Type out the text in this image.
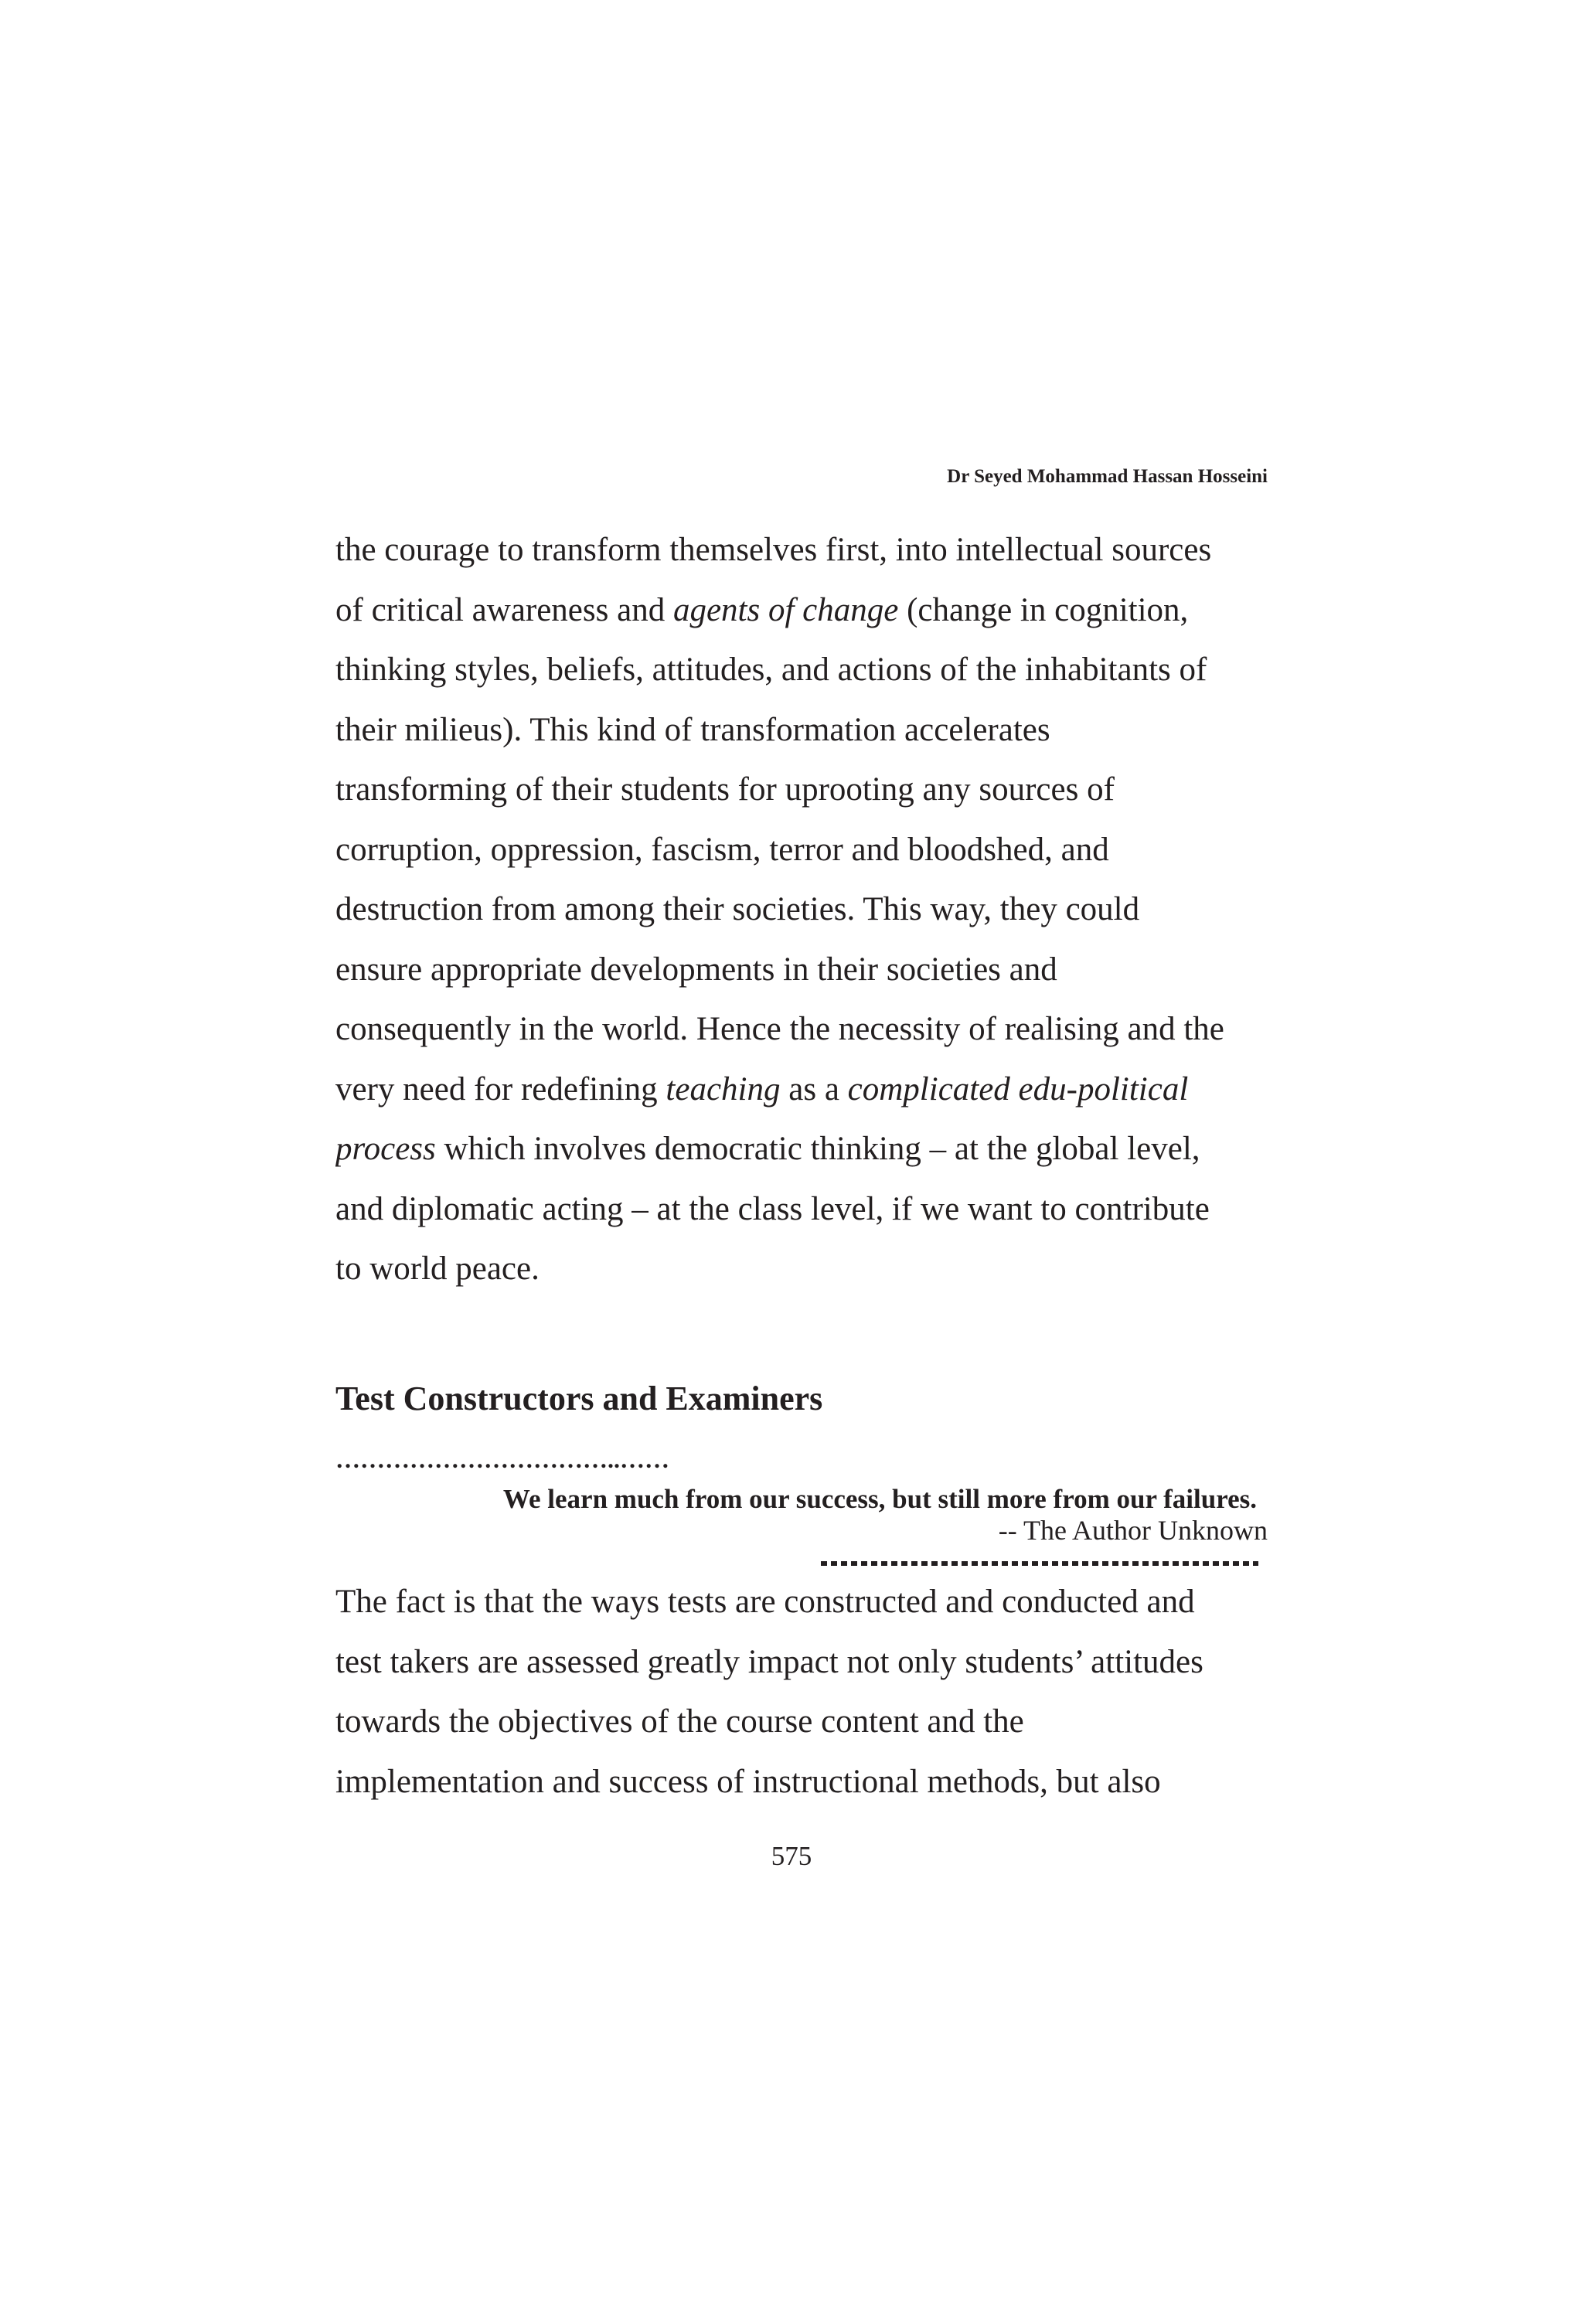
Dr Seyed Mohammad Hassan Hosseini
the courage to transform themselves first, into intellectual sources
of critical awareness and agents of change (change in cognition,
thinking styles, beliefs, attitudes, and actions of the inhabitants of
their milieus). This kind of transformation accelerates
transforming of their students for uprooting any sources of
corruption, oppression, fascism, terror and bloodshed, and
destruction from among their societies. This way, they could
ensure appropriate developments in their societies and
consequently in the world. Hence the necessity of realising and the
very need for redefining teaching as a complicated edu-political
process which involves democratic thinking – at the global level,
and diplomatic acting – at the class level, if we want to contribute
to world peace.
Test Constructors and Examiners
……………………………..……
We learn much from our success, but still more from our failures.
-- The Author Unknown
The fact is that the ways tests are constructed and conducted and
test takers are assessed greatly impact not only students’ attitudes
towards the objectives of the course content and the
implementation and success of instructional methods, but also
575
